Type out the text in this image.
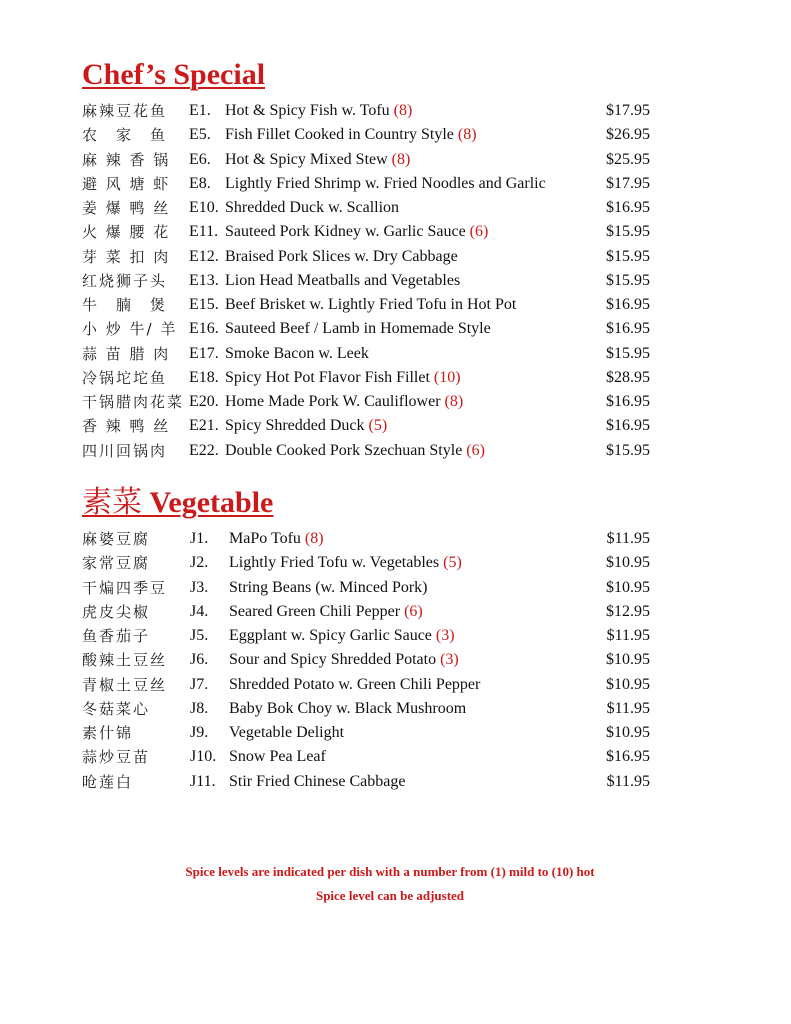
Chef’s Special
麻辣豆花鱼 E1. Hot & Spicy Fish w. Tofu (8)	$17.95
农　家　鱼 E5. Fish Fillet Cooked in Country Style (8)	$26.95
麻 辣 香 锅 E6. Hot & Spicy Mixed Stew (8)	$25.95
避 风 塘 虾 E8. Lightly Fried Shrimp w. Fried Noodles and Garlic	$17.95
姜 爆 鸭 丝 E10. Shredded Duck w. Scallion	$16.95
火 爆 腰 花 E11. Sauteed Pork Kidney w. Garlic Sauce (6)	$15.95
芽 菜 扣 肉 E12. Braised Pork Slices w. Dry Cabbage	$15.95
红烧狮子头 E13. Lion Head Meatballs and Vegetables	$15.95
牛　腩　煲 E15. Beef Brisket w. Lightly Fried Tofu in Hot Pot	$16.95
小 炒 牛/ 羊 E16. Sauteed Beef / Lamb in Homemade Style	$16.95
蒜 苗 腊 肉 E17. Smoke Bacon w. Leek	$15.95
冷锅坨坨鱼 E18. Spicy Hot Pot Flavor Fish Fillet (10)	$28.95
干锅腊肉花菜 E20. Home Made Pork W. Cauliflower (8)	$16.95
香 辣 鸭 丝 E21. Spicy Shredded Duck (5)	$16.95
四川回锅肉 E22. Double Cooked Pork Szechuan Style (6)	$15.95
素菜 Vegetable
麻婆豆腐 J1. MaPo Tofu (8)	$11.95
家常豆腐 J2. Lightly Fried Tofu w. Vegetables (5)	$10.95
干煸四季豆 J3. String Beans (w. Minced Pork)	$10.95
虎皮尖椒 J4. Seared Green Chili Pepper (6)	$12.95
鱼香茄子 J5. Eggplant w. Spicy Garlic Sauce (3)	$11.95
酸辣土豆丝 J6. Sour and Spicy Shredded Potato (3)	$10.95
青椒土豆丝 J7. Shredded Potato w. Green Chili Pepper	$10.95
冬菇菜心 J8. Baby Bok Choy w. Black Mushroom	$11.95
素什锦	J9. Vegetable Delight	$10.95
蒜炒豆苗 J10. Snow Pea Leaf	$16.95
呛莲白	J11. Stir Fried Chinese Cabbage	$11.95
Spice levels are indicated per dish with a number from (1) mild to (10) hot
Spice level can be adjusted
